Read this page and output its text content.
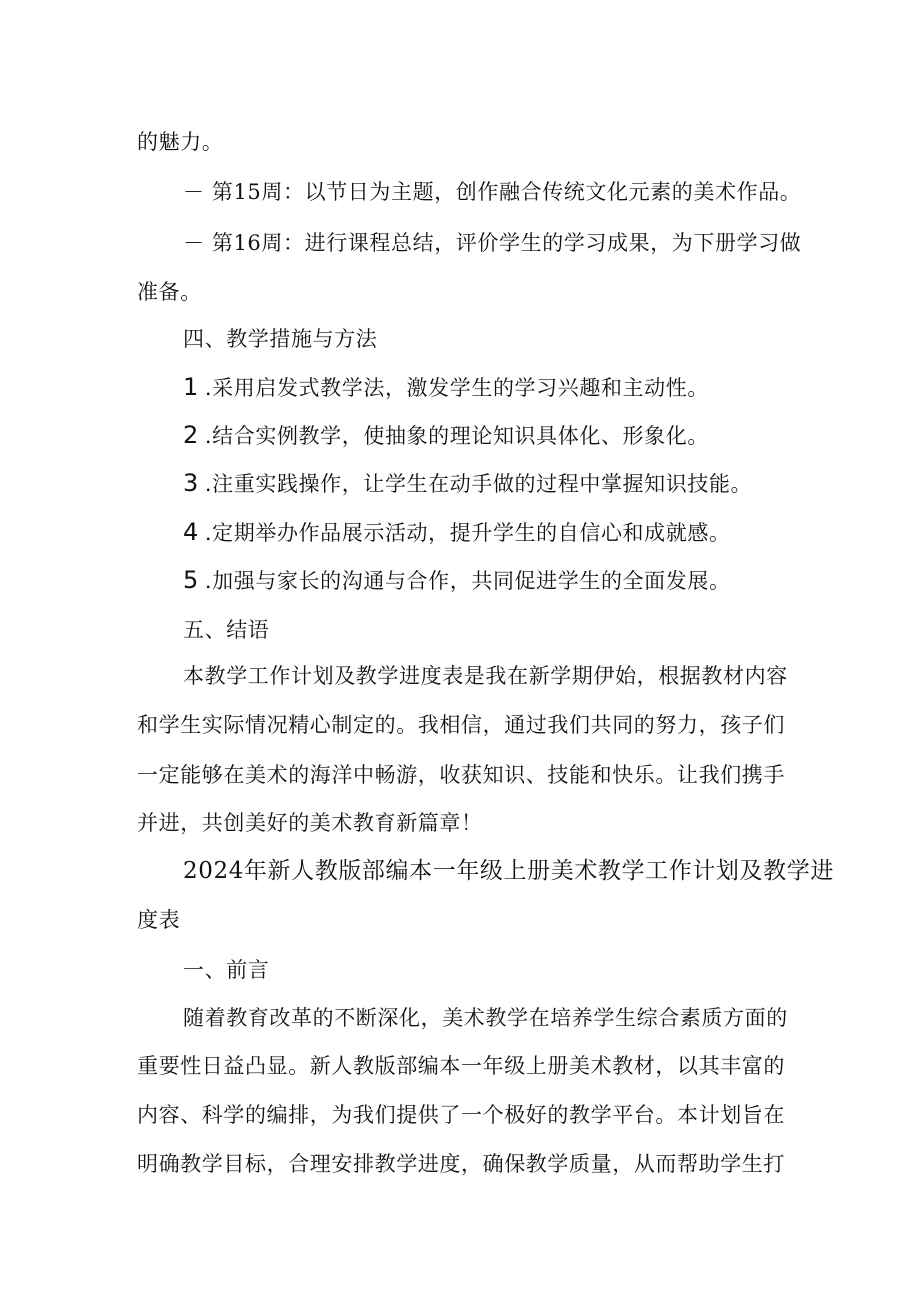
的魅力。
－ 第15周：以节日为主题，创作融合传统文化元素的美术作品。
－ 第16周：进行课程总结，评价学生的学习成果，为下册学习做
准备。
四、教学措施与方法
1 .采用启发式教学法，激发学生的学习兴趣和主动性。
2 .结合实例教学，使抽象的理论知识具体化、形象化。
3 .注重实践操作，让学生在动手做的过程中掌握知识技能。
4 .定期举办作品展示活动，提升学生的自信心和成就感。
5 .加强与家长的沟通与合作，共同促进学生的全面发展。
五、结语
本教学工作计划及教学进度表是我在新学期伊始，根据教材内容
和学生实际情况精心制定的。我相信，通过我们共同的努力，孩子们
一定能够在美术的海洋中畅游，收获知识、技能和快乐。让我们携手
并进，共创美好的美术教育新篇章！
2024年新人教版部编本一年级上册美术教学工作计划及教学进
度表
一、前言
随着教育改革的不断深化，美术教学在培养学生综合素质方面的
重要性日益凸显。新人教版部编本一年级上册美术教材，以其丰富的
内容、科学的编排，为我们提供了一个极好的教学平台。本计划旨在
明确教学目标，合理安排教学进度，确保教学质量，从而帮助学生打
